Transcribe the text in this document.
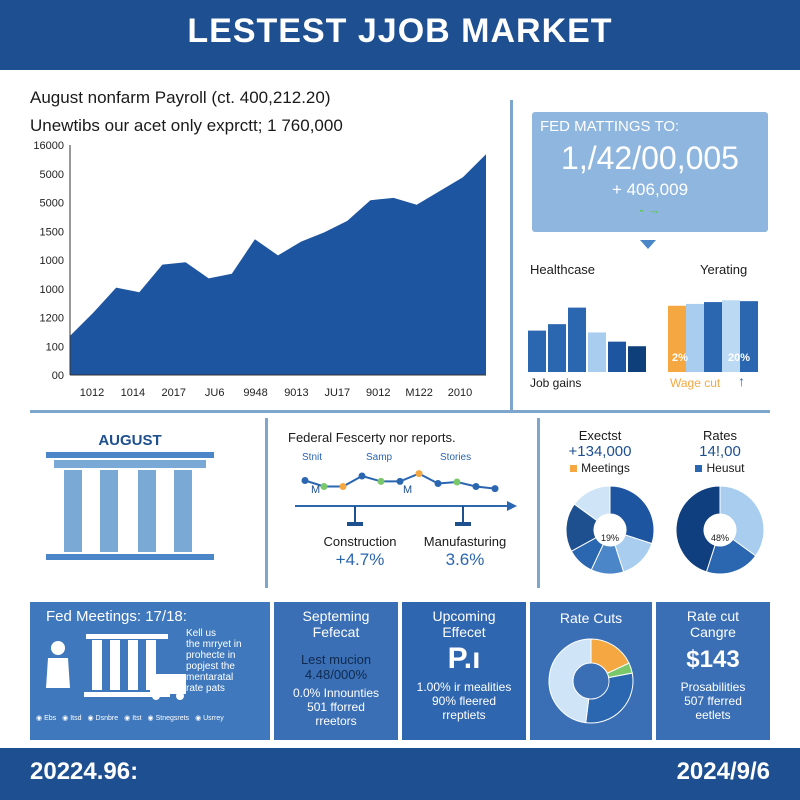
LESTEST JJOB MARKET
August nonfarm Payroll (ct. 400,212.20)
Unewtibs our acet only exprctt; 1 760,000
16000
5000
5000
1500
1000
1000
1200
100
00
1012 1014 2017 JU6 9948 9013 JU17 9012 M122 2010
FED MATTINGS TO:
1,/42/00,005
+ 406,009
- →
Healthcase	Yerating
2%	20%
Job gains	Wage cut ↑
AUGUST	Federal Fescerty nor reports.
Stnit	Samp	Stories
M	M
Construction
+4.7%
Manufasturing
3.6%
Exectst
+134,000
Meetings
Rates
14!,00
Heusut
19%	48%
Fed Meetings: 17/18:
Kell us
the mrryet in
prohecte in
popjest the
mentaratal
rate pats
◉ Ebs ◉ Itsd ◉ Dsnbre ◉ Itst ◉ Stnegsrets ◉ Usrrey
Septeming
Fefecat
Lest mucion
4.48/000%
0.0% Innounties
501 fforred
rreetors
Upcoming
Effecet
P.ı
1.00% ir mealities
90% fleered
rreptiets
Rate Cuts	Rate cut
Cangre
$143
Prosabilities
507 fferred
eetlets
20224.96:	2024/9/6
